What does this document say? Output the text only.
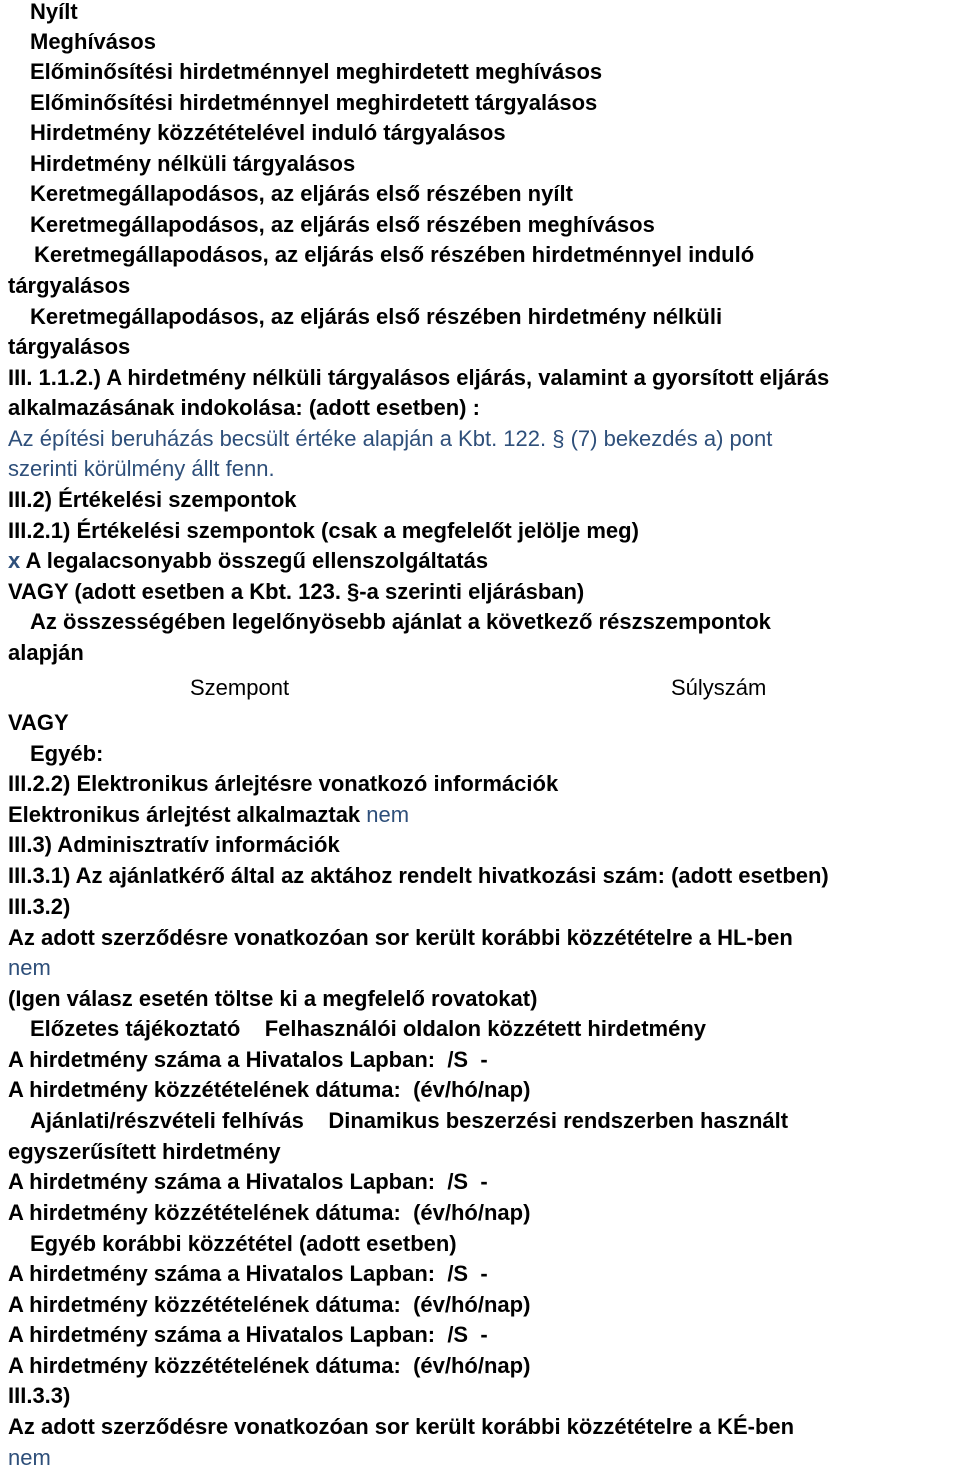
Nyílt
Meghívásos
Előminősítési hirdetménnyel meghirdetett meghívásos
Előminősítési hirdetménnyel meghirdetett tárgyalásos
Hirdetmény közzétételével induló tárgyalásos
Hirdetmény nélküli tárgyalásos
Keretmegállapodásos, az eljárás első részében nyílt
Keretmegállapodásos, az eljárás első részében meghívásos
Keretmegállapodásos, az eljárás első részében hirdetménnyel induló
tárgyalásos
Keretmegállapodásos, az eljárás első részében hirdetmény nélküli
tárgyalásos
III. 1.1.2.) A hirdetmény nélküli tárgyalásos eljárás, valamint a gyorsított eljárás
alkalmazásának indokolása: (adott esetben) :
Az építési beruházás becsült értéke alapján a Kbt. 122. § (7) bekezdés a) pont
szerinti körülmény állt fenn.
III.2) Értékelési szempontok
III.2.1) Értékelési szempontok (csak a megfelelőt jelölje meg)
x A legalacsonyabb összegű ellenszolgáltatás
VAGY (adott esetben a Kbt. 123. §-a szerinti eljárásban)
Az összességében legelőnyösebb ajánlat a következő részszempontok
alapján
Szempont	Súlyszám
VAGY
Egyéb:
III.2.2) Elektronikus árlejtésre vonatkozó információk
Elektronikus árlejtést alkalmaztak nem
III.3) Adminisztratív információk
III.3.1) Az ajánlatkérő által az aktához rendelt hivatkozási szám: (adott esetben)
III.3.2)
Az adott szerződésre vonatkozóan sor került korábbi közzétételre a HL-ben
nem
(Igen válasz esetén töltse ki a megfelelő rovatokat)
Előzetes tájékoztató    Felhasználói oldalon közzétett hirdetmény
A hirdetmény száma a Hivatalos Lapban:  /S  -
A hirdetmény közzétételének dátuma:  (év/hó/nap)
Ajánlati/részvételi felhívás    Dinamikus beszerzési rendszerben használt
egyszerűsített hirdetmény
A hirdetmény száma a Hivatalos Lapban:  /S  -
A hirdetmény közzétételének dátuma:  (év/hó/nap)
Egyéb korábbi közzététel (adott esetben)
A hirdetmény száma a Hivatalos Lapban:  /S  -
A hirdetmény közzétételének dátuma:  (év/hó/nap)
A hirdetmény száma a Hivatalos Lapban:  /S  -
A hirdetmény közzétételének dátuma:  (év/hó/nap)
III.3.3)
Az adott szerződésre vonatkozóan sor került korábbi közzétételre a KÉ-ben
nem
